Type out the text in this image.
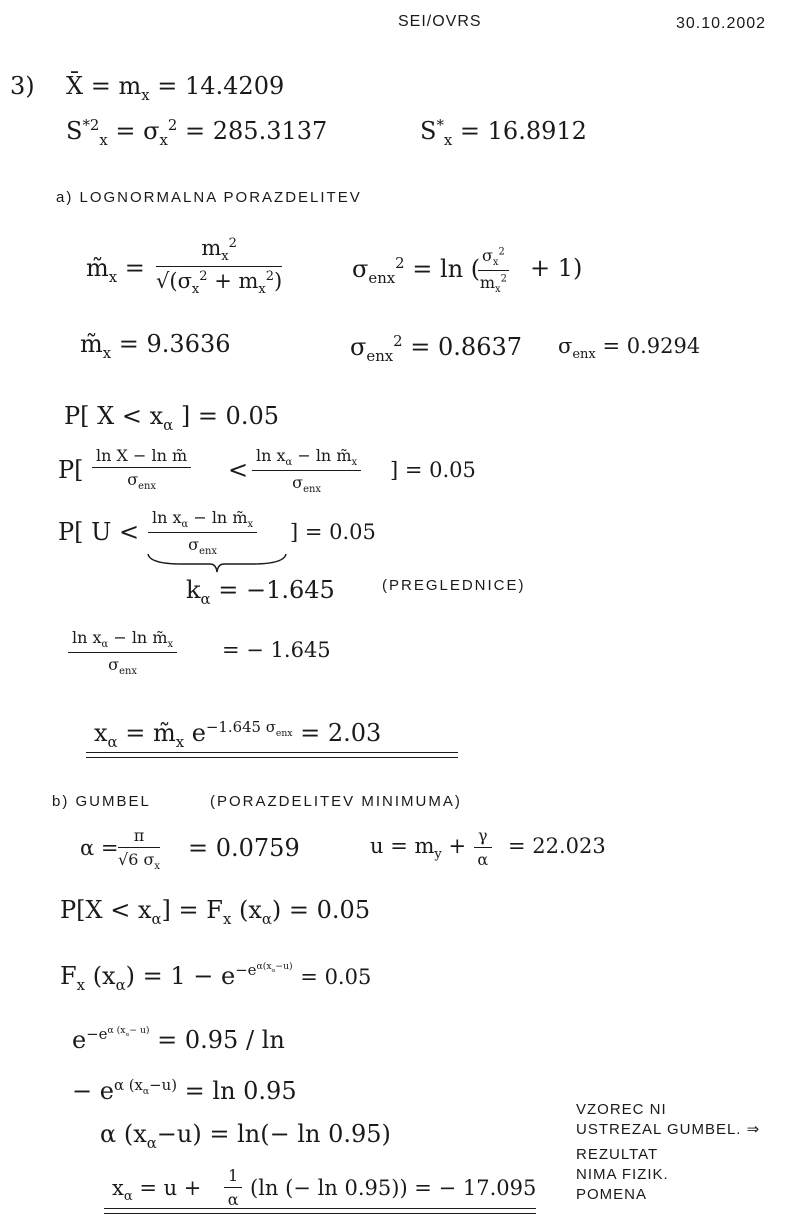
SEI/OVRS	30.10.2002
3) X̄ = $m_x = 14.4209$
$S^{*2}_x = \sigma_x^2 = 285.3137$	$S^*_x = 16.8912$
a) LOGNORMALNA PORAZDELITEV
$m̃_x = \frac{m_x^2}{√(\sigma_x^2 + m_x^2)}$	$\sigma_{enx}^2 = \ln$ (
$\frac{\sigma_x^2}{m_x^2} + 1$)
$m̃_x = 9.3636$	$\sigma_{enx}^2 = 0.8637$ $\sigma_{enx} = 0.9294$
P[ $X < x_\alpha$ ] = 0.05
P[
ln X − ln m̃
$\sigma_{enx}$
<
$\ln x_\alpha - \ln$ $m̃_x$
$\sigma_{enx}$
] = 0.05
P[ U <
$\ln x_\alpha - \ln$ $m̃_x$
$\sigma_{enx}$
] = 0.05
$k_\alpha = -1.645$	(PREGLEDNICE)
$\ln x_\alpha - \ln$ $m̃_x$
$\sigma_{enx}$
= − 1.645
$x_\alpha$ = $m̃_x$ $e^{-1.645 \sigma_{enx}} = 2.03$
b) GUMBEL	(PORAZDELITEV MINIMUMA)
$\alpha = \frac{\pi}{√6 \sigma_x} = 0.0759$	$u = m_y + \frac{\gamma}{\alpha} = 22.023$
$P[X < x_\alpha] = F_x$ $(x_\alpha) = 0.05$
$F_x$ $(x_\alpha) = 1 - e^{-e^{\alpha(x_\alpha-u)}} = 0.05$
$e^{-e^{\alpha (x_\alpha- u)}} = 0.95 / \ln$
− $e^{\alpha (x_\alpha-u)} = \ln 0.95$
α $(x_\alpha-u) = \ln(- \ln 0.95)$
$x_\alpha = u + \frac{1}{\alpha} (\ln$ (− ln 0.95)) = − 17.095
VZOREC NI
USTREZAL GUMBEL. ⇒
REZULTAT
NIMA FIZIK.
POMENA
